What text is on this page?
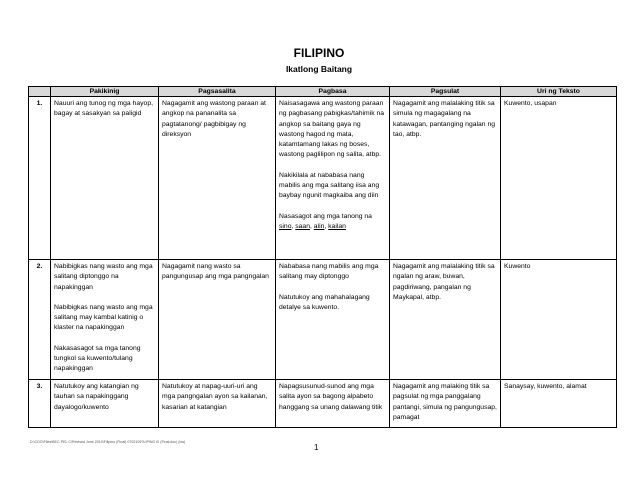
FILIPINO
Ikatlong Baitang
	Pakikinig	Pagsasalita	Pagbasa	Pagsulat	Uri ng Teksto
1.	Nauuri ang tunog ng mga hayop, bagay at sasakyan sa paligid	Nagagamit ang wastong paraan at angkop na pananalita sa pagtatanong/ pagbibigay ng direksyon	Naisasagawa ang wastong paraan ng pagbasang pabigkas/tahimik na angkop sa baitang gaya ng wastong hagod ng mata, katamtamang lakas ng boses, wastong paglilipon ng salita, atbp.
Nakikilala at nababasa nang mabilis ang mga salitang iisa ang baybay ngunit magkaiba ang diin
Nasasagot ang mga tanong na
sino, saan, alin, kailan	Nagagamit ang malalaking titik sa simula ng magagalang na katawagan, pantanging ngalan ng tao, atbp.	Kuwento, usapan

2.	Nabibigkas nang wasto ang mga salitang diptonggo na napakinggan
Nabibigkas nang wasto ang mga salitang may kambal katinig o klaster na napakinggan
Nakasasagot sa mga tanong tungkol sa kuwento/tulang napakinggan	Nagagamit nang wasto sa pangungusap ang mga pangngalan	Nababasa nang mabilis ang mga salitang may diptonggo
Natutukoy ang mahahalagang detalye sa kuwento.	Nagagamit ang malalaking titik sa ngalan ng araw, buwan, pagdiriwang, pangalan ng Maykapal, atbp.	Kuwento

3.	Natutukoy ang katangian ng tauhan sa napakinggang dayalogo/kuwento	Natutukoy at napag-uuri-uri ang mga pangngalan ayon sa kailanan, kasarian at katangian	Napagsusunud-sunod ang mga salita ayon sa bagong alpabeto hanggang sa unang dalawang titik	Nagagamit ang malaking titik sa pagsulat ng mga panggalang pantangi, simula ng pangungusap, pamagat	Sanaysay, kuwento, alamat
D:\CDO\Files\BEC-PEL C\Revised June 2010\Filipino (Final) 070210\FILIPINO III (Final.doc) (bw)
1
